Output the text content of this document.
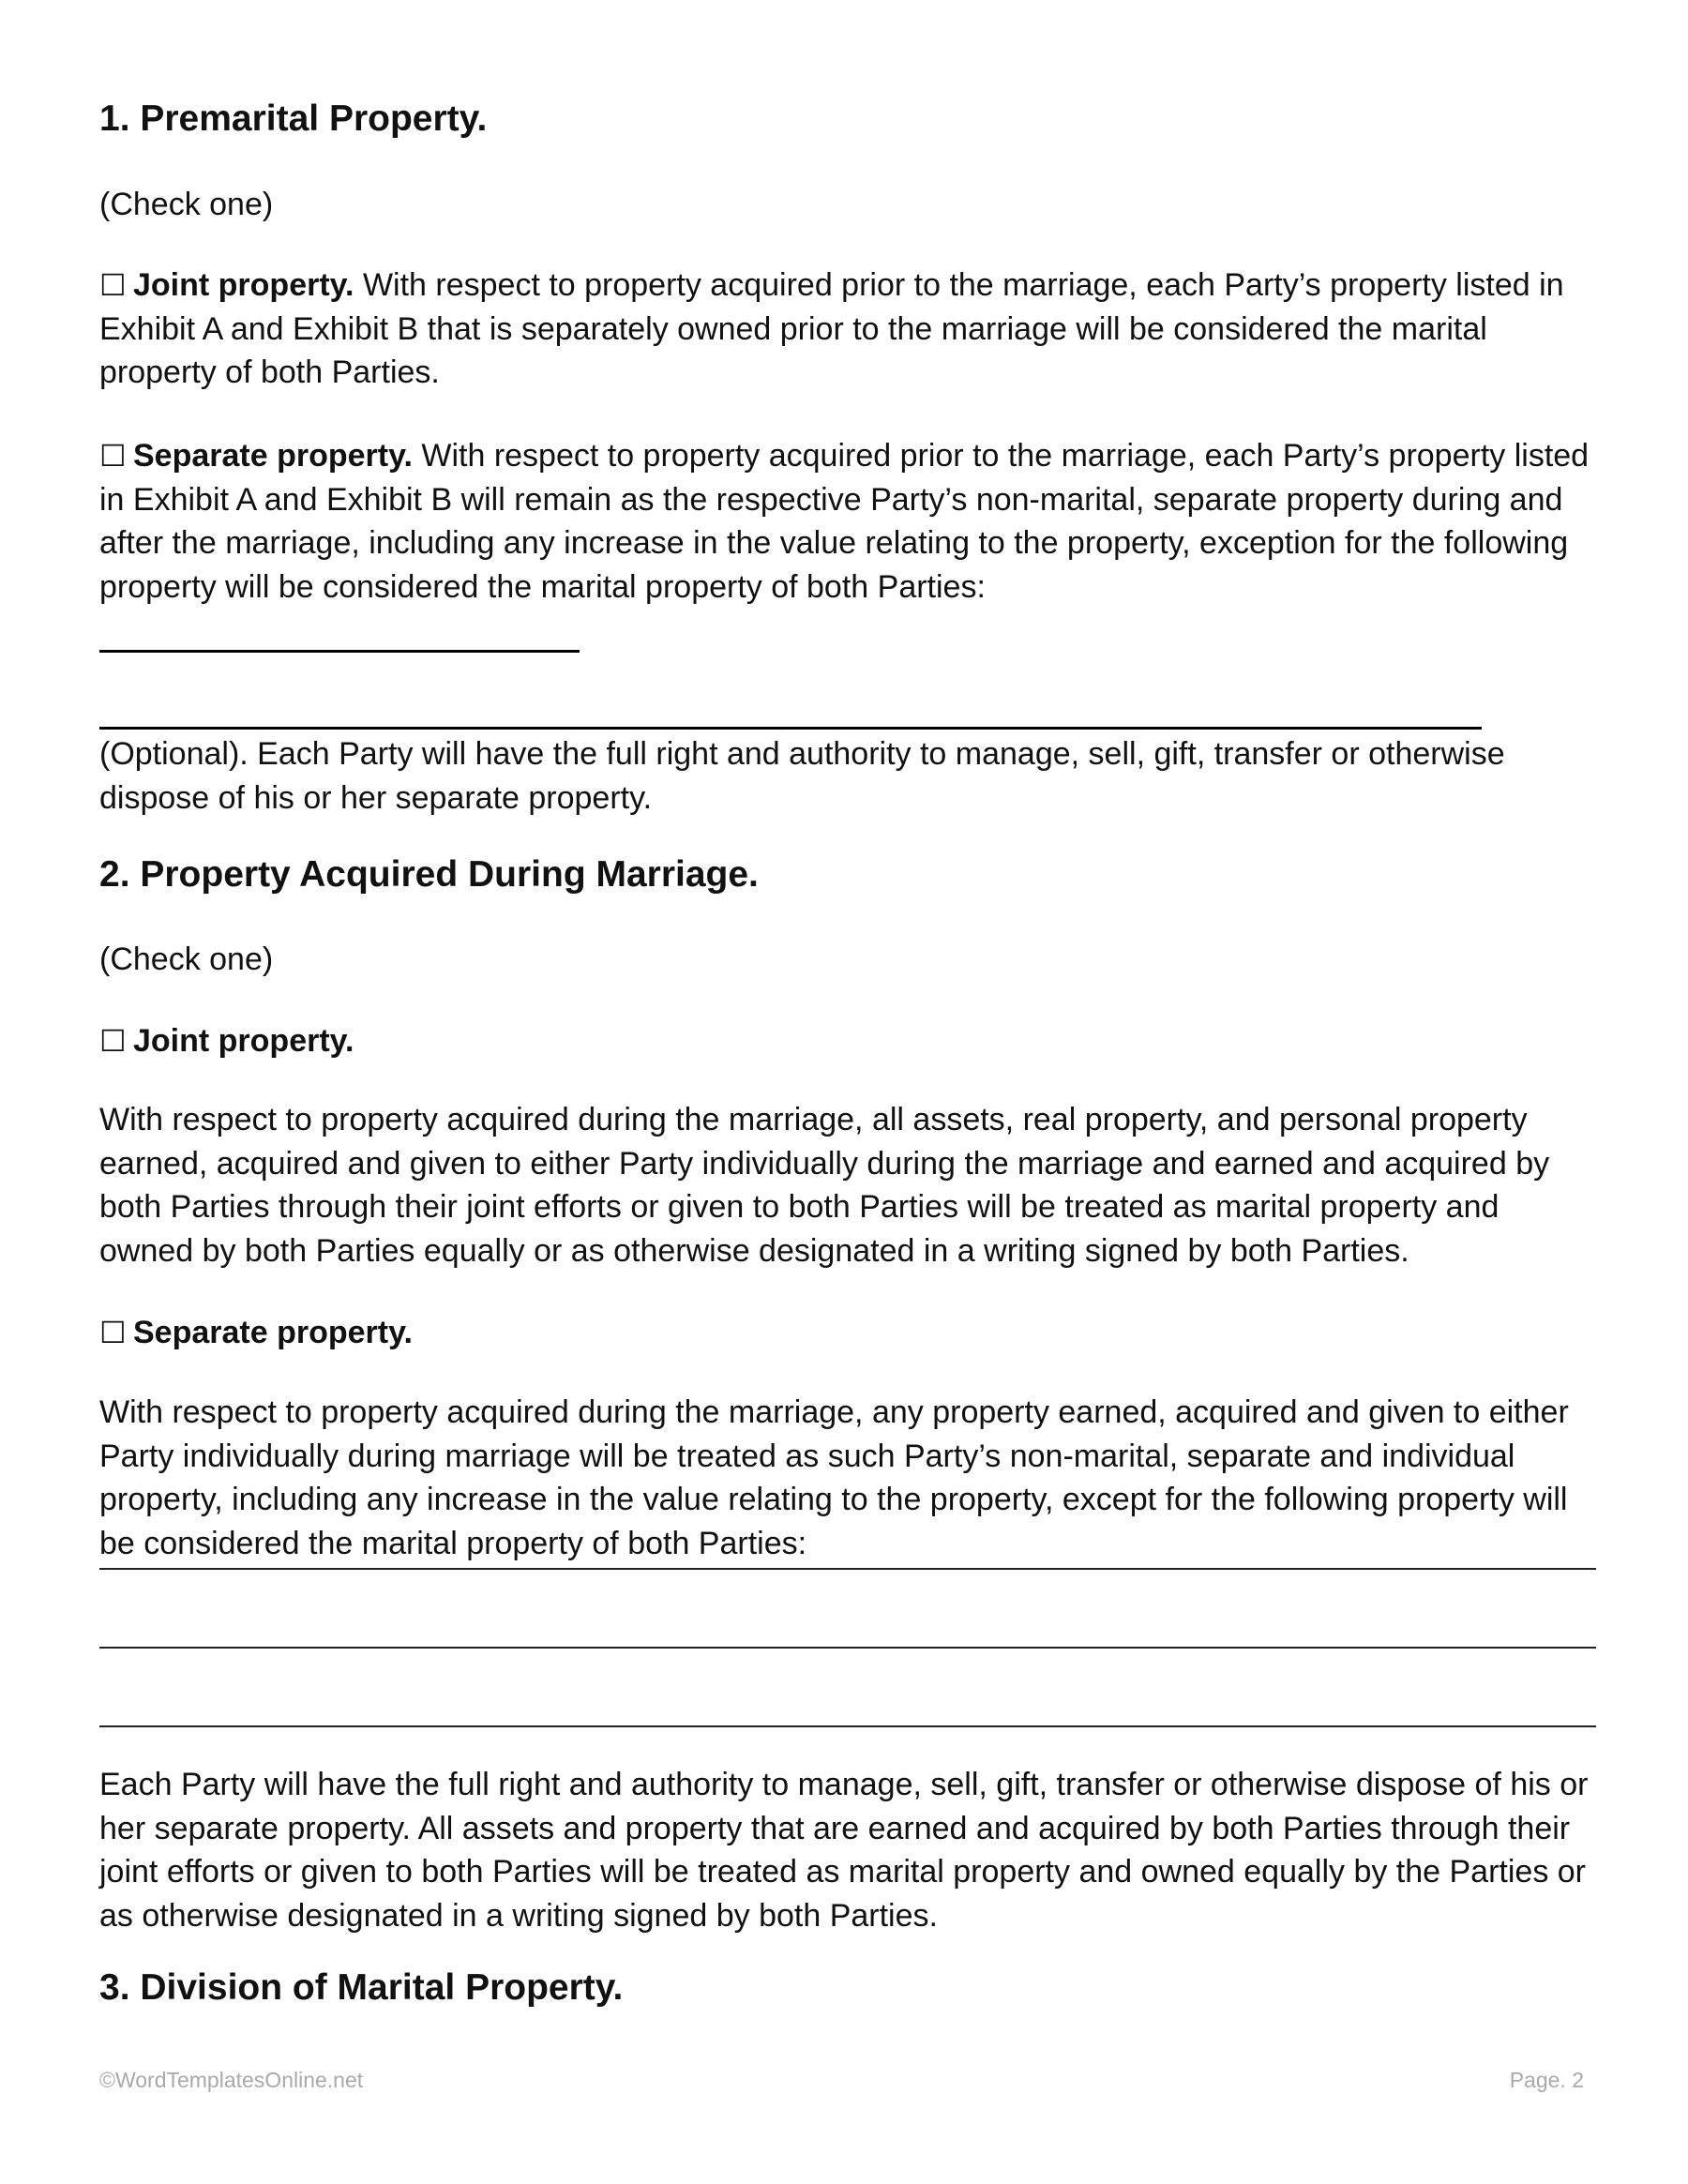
1. Premarital Property.

(Check one)

☐ Joint property. With respect to property acquired prior to the marriage, each Party’s property listed in Exhibit A and Exhibit B that is separately owned prior to the marriage will be considered the marital property of both Parties.

☐ Separate property. With respect to property acquired prior to the marriage, each Party’s property listed in Exhibit A and Exhibit B will remain as the respective Party’s non-marital, separate property during and after the marriage, including any increase in the value relating to the property, exception for the following property will be considered the marital property of both Parties:

(Optional). Each Party will have the full right and authority to manage, sell, gift, transfer or otherwise dispose of his or her separate property.

2. Property Acquired During Marriage.

(Check one)

☐ Joint property.

With respect to property acquired during the marriage, all assets, real property, and personal property earned, acquired and given to either Party individually during the marriage and earned and acquired by both Parties through their joint efforts or given to both Parties will be treated as marital property and owned by both Parties equally or as otherwise designated in a writing signed by both Parties.

☐ Separate property.

With respect to property acquired during the marriage, any property earned, acquired and given to either Party individually during marriage will be treated as such Party’s non-marital, separate and individual property, including any increase in the value relating to the property, except for the following property will be considered the marital property of both Parties:

Each Party will have the full right and authority to manage, sell, gift, transfer or otherwise dispose of his or her separate property. All assets and property that are earned and acquired by both Parties through their joint efforts or given to both Parties will be treated as marital property and owned equally by the Parties or as otherwise designated in a writing signed by both Parties.

3. Division of Marital Property.
©WordTemplatesOnline.net	Page. 2
